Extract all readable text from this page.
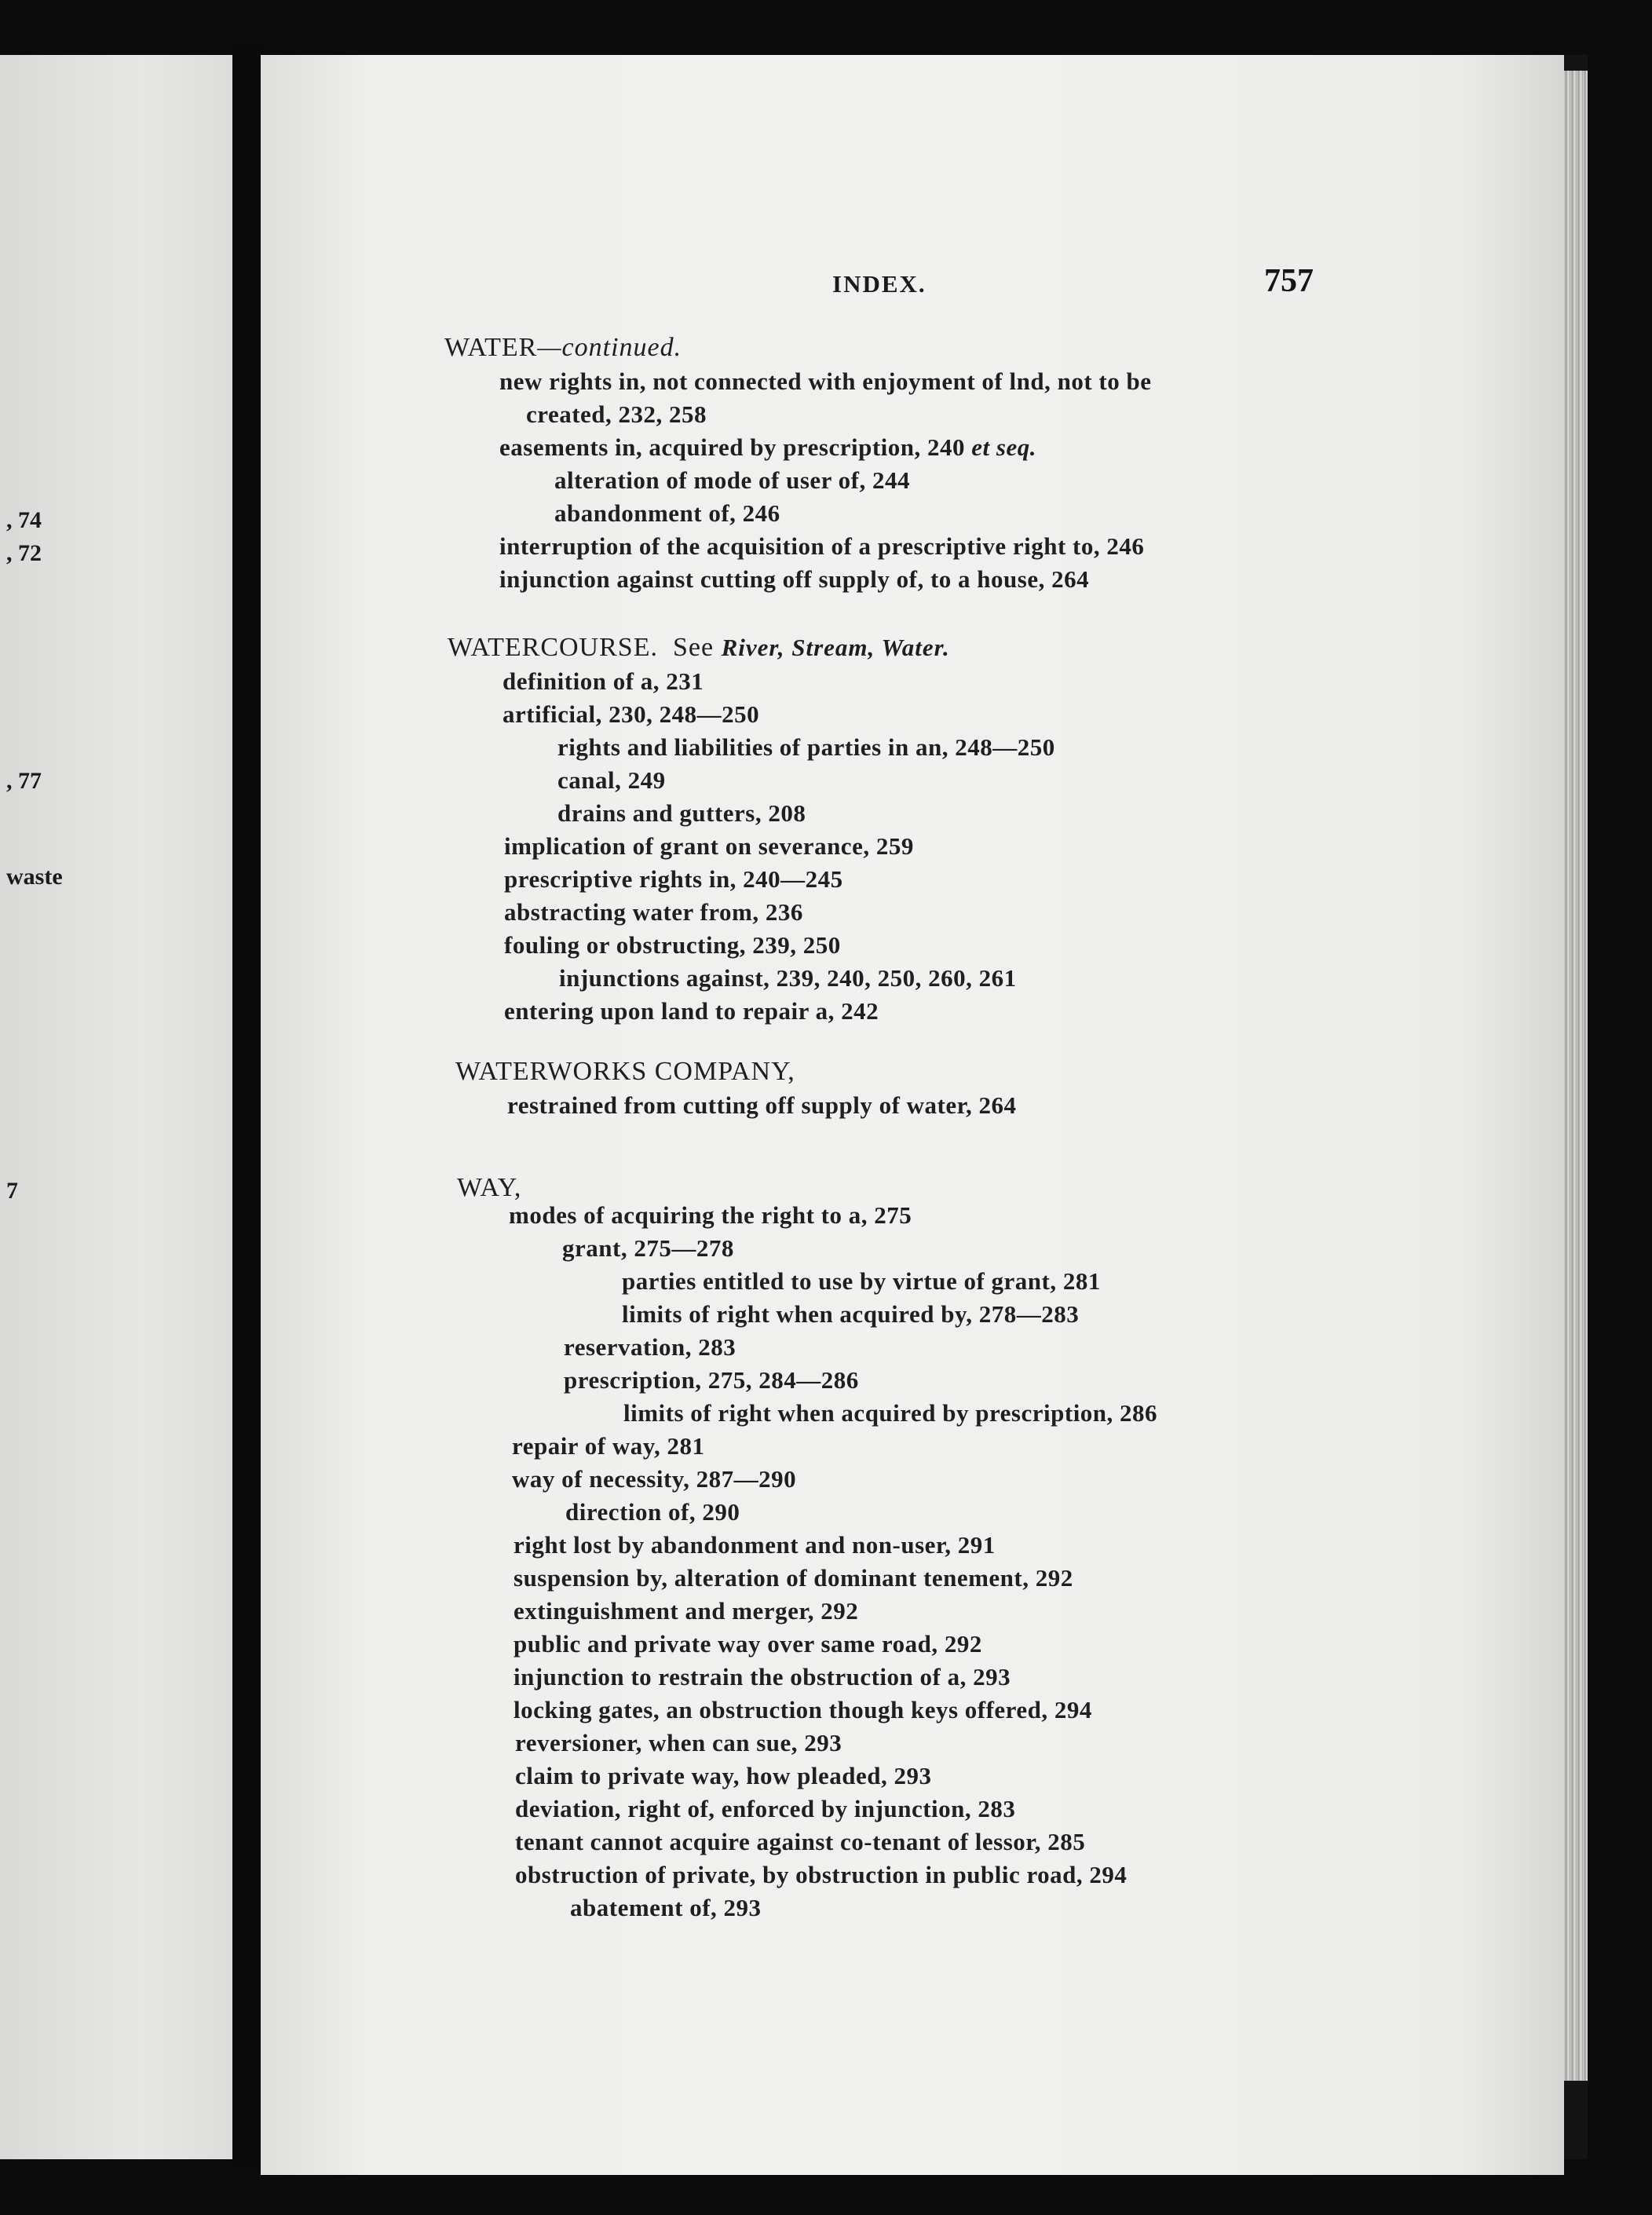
, 74
, 72
, 77
waste
7
INDEX.	757
WATER—continued.
new rights in, not connected with enjoyment of lnd, not to be
created, 232, 258
easements in, acquired by prescription, 240 et seq.
alteration of mode of user of, 244
abandonment of, 246
interruption of the acquisition of a prescriptive right to, 246
injunction against cutting off supply of, to a house, 264
WATERCOURSE. See River, Stream, Water.
definition of a, 231
artificial, 230, 248—250
rights and liabilities of parties in an, 248—250
canal, 249
drains and gutters, 208
implication of grant on severance, 259
prescriptive rights in, 240—245
abstracting water from, 236
fouling or obstructing, 239, 250
injunctions against, 239, 240, 250, 260, 261
entering upon land to repair a, 242
WATERWORKS COMPANY,
restrained from cutting off supply of water, 264
WAY,
modes of acquiring the right to a, 275
grant, 275—278
parties entitled to use by virtue of grant, 281
limits of right when acquired by, 278—283
reservation, 283
prescription, 275, 284—286
limits of right when acquired by prescription, 286
repair of way, 281
way of necessity, 287—290
direction of, 290
right lost by abandonment and non-user, 291
suspension by, alteration of dominant tenement, 292
extinguishment and merger, 292
public and private way over same road, 292
injunction to restrain the obstruction of a, 293
locking gates, an obstruction though keys offered, 294
reversioner, when can sue, 293
claim to private way, how pleaded, 293
deviation, right of, enforced by injunction, 283
tenant cannot acquire against co-tenant of lessor, 285
obstruction of private, by obstruction in public road, 294
abatement of, 293
